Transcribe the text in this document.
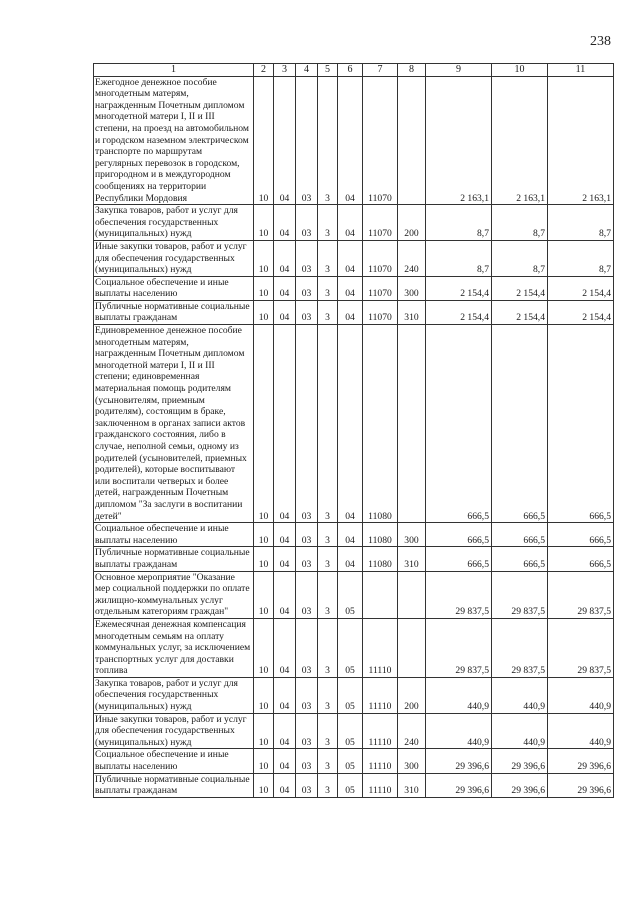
238
1	2	3	4	5	6	7	8	9	10	11
Ежегодное денежное пособие многодетным матерям, награжденным Почетным дипломом многодетной матери I, II и III степени, на проезд на автомобильном и городском наземном электрическом транспорте по маршрутам регулярных перевозок в городском, пригородном и в междугородном сообщениях на территории Республики Мордовия	10	04	03	3	04	11070		2 163,1	2 163,1	2 163,1
Закупка товаров, работ и услуг для обеспечения государственных (муниципальных) нужд	10	04	03	3	04	11070	200	8,7	8,7	8,7
Иные закупки товаров, работ и услуг для обеспечения государственных (муниципальных) нужд	10	04	03	3	04	11070	240	8,7	8,7	8,7
Социальное обеспечение и иные выплаты населению	10	04	03	3	04	11070	300	2 154,4	2 154,4	2 154,4
Публичные нормативные социальные выплаты гражданам	10	04	03	3	04	11070	310	2 154,4	2 154,4	2 154,4
Единовременное денежное пособие многодетным матерям, награжденным Почетным дипломом многодетной матери I, II и III степени; единовременная материальная помощь родителям (усыновителям, приемным родителям), состоящим в браке, заключенном в органах записи актов гражданского состояния, либо в случае, неполной семьи, одному из родителей (усыновителей, приемных родителей), которые воспитывают или воспитали четверых и более детей, награжденным Почетным дипломом "За заслуги в воспитании детей"	10	04	03	3	04	11080		666,5	666,5	666,5
Социальное обеспечение и иные выплаты населению	10	04	03	3	04	11080	300	666,5	666,5	666,5
Публичные нормативные социальные выплаты гражданам	10	04	03	3	04	11080	310	666,5	666,5	666,5
Основное мероприятие "Оказание мер социальной поддержки по оплате жилищно-коммунальных услуг отдельным категориям граждан"	10	04	03	3	05			29 837,5	29 837,5	29 837,5
Ежемесячная денежная компенсация многодетным семьям на оплату коммунальных услуг, за исключением транспортных услуг для доставки топлива	10	04	03	3	05	11110		29 837,5	29 837,5	29 837,5
Закупка товаров, работ и услуг для обеспечения государственных (муниципальных) нужд	10	04	03	3	05	11110	200	440,9	440,9	440,9
Иные закупки товаров, работ и услуг для обеспечения государственных (муниципальных) нужд	10	04	03	3	05	11110	240	440,9	440,9	440,9
Социальное обеспечение и иные выплаты населению	10	04	03	3	05	11110	300	29 396,6	29 396,6	29 396,6
Публичные нормативные социальные выплаты гражданам	10	04	03	3	05	11110	310	29 396,6	29 396,6	29 396,6
